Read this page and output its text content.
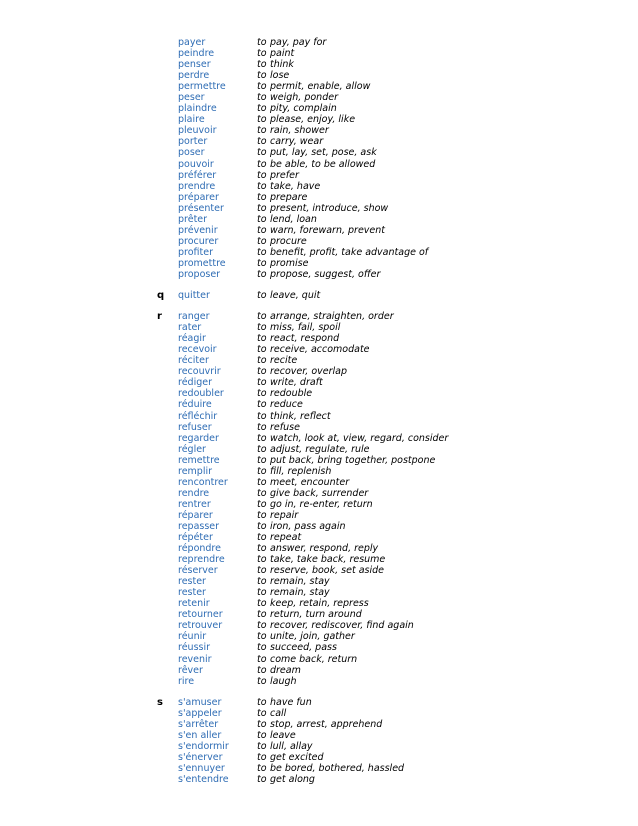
payer	to pay, pay for
peindre	to paint
penser	to think
perdre	to lose
permettre	to permit, enable, allow
peser	to weigh, ponder
plaindre	to pity, complain
plaire	to please, enjoy, like
pleuvoir	to rain, shower
porter	to carry, wear
poser	to put, lay, set, pose, ask
pouvoir	to be able, to be allowed
préférer	to prefer
prendre	to take, have
préparer	to prepare
présenter	to present, introduce, show
prêter	to lend, loan
prévenir	to warn, forewarn, prevent
procurer	to procure
profiter	to benefit, profit, take advantage of
promettre	to promise
proposer	to propose, suggest, offer
q quitter	to leave, quit
r ranger	to arrange, straighten, order
rater	to miss, fail, spoil
réagir	to react, respond
recevoir	to receive, accomodate
réciter	to recite
recouvrir	to recover, overlap
rédiger	to write, draft
redoubler	to redouble
réduire	to reduce
réfléchir	to think, reflect
refuser	to refuse
regarder	to watch, look at, view, regard, consider
régler	to adjust, regulate, rule
remettre	to put back, bring together, postpone
remplir	to fill, replenish
rencontrer	to meet, encounter
rendre	to give back, surrender
rentrer	to go in, re-enter, return
réparer	to repair
repasser	to iron, pass again
répéter	to repeat
répondre	to answer, respond, reply
reprendre	to take, take back, resume
réserver	to reserve, book, set aside
rester	to remain, stay
rester	to remain, stay
retenir	to keep, retain, repress
retourner	to return, turn around
retrouver	to recover, rediscover, find again
réunir	to unite, join, gather
réussir	to succeed, pass
revenir	to come back, return
rêver	to dream
rire	to laugh
s s'amuser	to have fun
s'appeler	to call
s'arrêter	to stop, arrest, apprehend
s'en aller	to leave
s'endormir	to lull, allay
s'énerver	to get excited
s'ennuyer	to be bored, bothered, hassled
s'entendre	to get along
